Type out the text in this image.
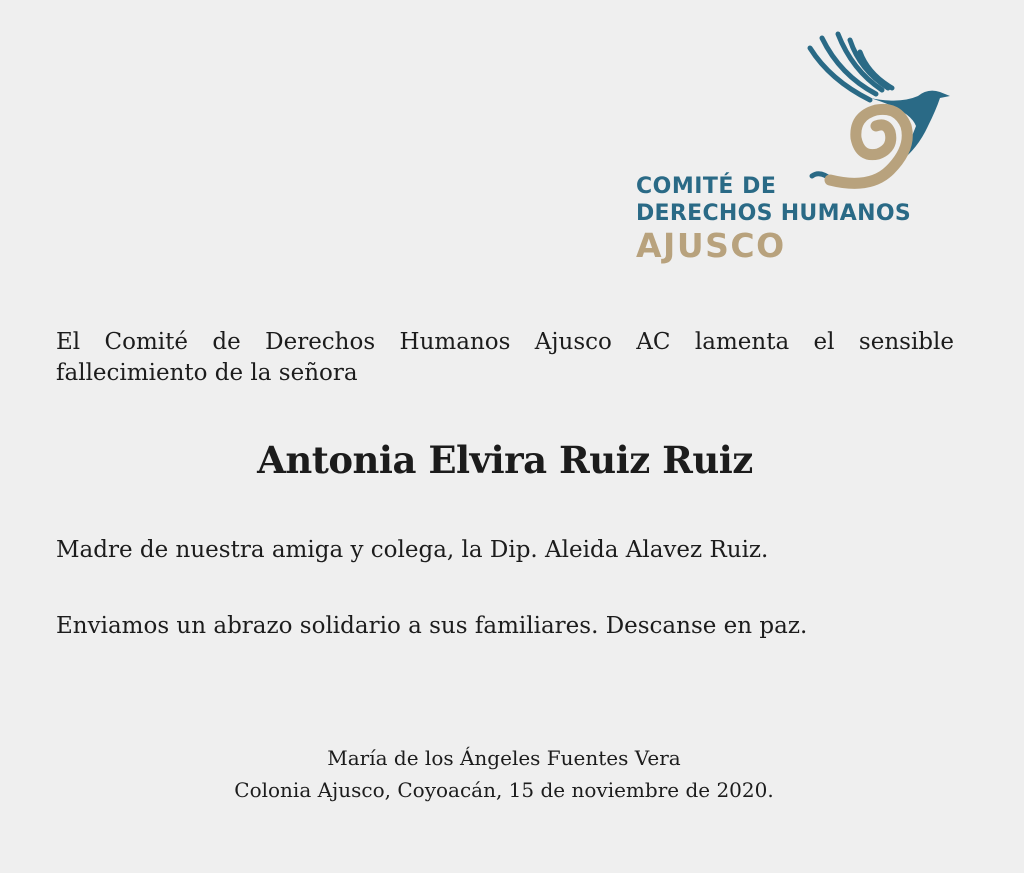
COMITÉ DE

DERECHOS HUMANOS

AJUSCO

El Comité de Derechos Humanos Ajusco AC lamenta el sensible fallecimiento de la señora

Antonia Elvira Ruiz Ruiz

Madre de nuestra amiga y colega, la Dip. Aleida Alavez Ruiz.

Enviamos un abrazo solidario a sus familiares. Descanse en paz.

María de los Ángeles Fuentes Vera

Colonia Ajusco, Coyoacán, 15 de noviembre de 2020.
